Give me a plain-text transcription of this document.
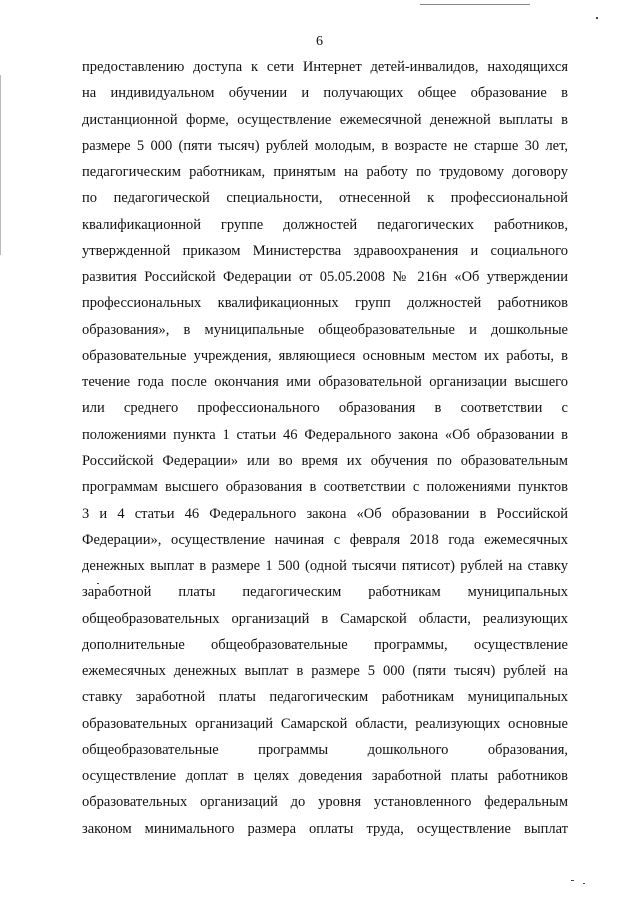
6
предоставлению доступа к сети Интернет детей-инвалидов, находящихся
на индивидуальном обучении и получающих общее образование в
дистанционной форме, осуществление ежемесячной денежной выплаты в
размере 5 000 (пяти тысяч) рублей молодым, в возрасте не старше 30 лет,
педагогическим работникам, принятым на работу по трудовому договору
по педагогической специальности, отнесенной к профессиональной
квалификационной группе должностей педагогических работников,
утвержденной приказом Министерства здравоохранения и социального
развития Российской Федерации от 05.05.2008 № 216н «Об утверждении
профессиональных квалификационных групп должностей работников
образования», в муниципальные общеобразовательные и дошкольные
образовательные учреждения, являющиеся основным местом их работы, в
течение года после окончания ими образовательной организации высшего
или среднего профессионального образования в соответствии с
положениями пункта 1 статьи 46 Федерального закона «Об образовании в
Российской Федерации» или во время их обучения по образовательным
программам высшего образования в соответствии с положениями пунктов
3 и 4 статьи 46 Федерального закона «Об образовании в Российской
Федерации», осуществление начиная с февраля 2018 года ежемесячных
денежных выплат в размере 1 500 (одной тысячи пятисот) рублей на ставку
заработной платы педагогическим работникам муниципальных
общеобразовательных организаций в Самарской области, реализующих
дополнительные общеобразовательные программы, осуществление
ежемесячных денежных выплат в размере 5 000 (пяти тысяч) рублей на
ставку заработной платы педагогическим работникам муниципальных
образовательных организаций Самарской области, реализующих основные
общеобразовательные программы дошкольного образования,
осуществление доплат в целях доведения заработной платы работников
образовательных организаций до уровня установленного федеральным
законом минимального размера оплаты труда, осуществление выплат
